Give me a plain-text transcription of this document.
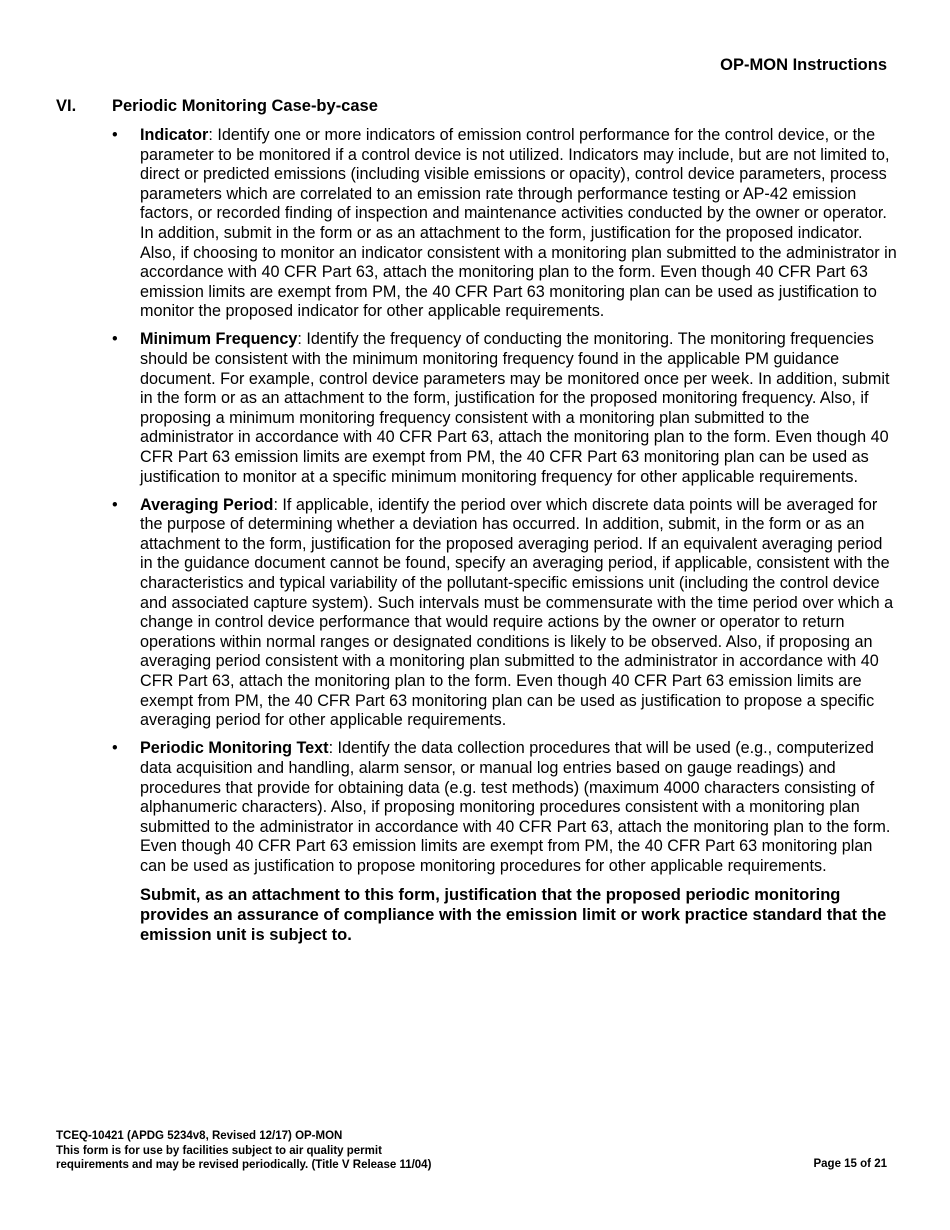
OP-MON Instructions
VI. Periodic Monitoring Case-by-case
• Indicator: Identify one or more indicators of emission control performance for the control device, or the parameter to be monitored if a control device is not utilized. Indicators may include, but are not limited to, direct or predicted emissions (including visible emissions or opacity), control device parameters, process parameters which are correlated to an emission rate through performance testing or AP-42 emission factors, or recorded finding of inspection and maintenance activities conducted by the owner or operator. In addition, submit in the form or as an attachment to the form, justification for the proposed indicator. Also, if choosing to monitor an indicator consistent with a monitoring plan submitted to the administrator in accordance with 40 CFR Part 63, attach the monitoring plan to the form. Even though 40 CFR Part 63 emission limits are exempt from PM, the 40 CFR Part 63 monitoring plan can be used as justification to monitor the proposed indicator for other applicable requirements.
• Minimum Frequency: Identify the frequency of conducting the monitoring. The monitoring frequencies should be consistent with the minimum monitoring frequency found in the applicable PM guidance document. For example, control device parameters may be monitored once per week. In addition, submit in the form or as an attachment to the form, justification for the proposed monitoring frequency. Also, if proposing a minimum monitoring frequency consistent with a monitoring plan submitted to the administrator in accordance with 40 CFR Part 63, attach the monitoring plan to the form. Even though 40 CFR Part 63 emission limits are exempt from PM, the 40 CFR Part 63 monitoring plan can be used as justification to monitor at a specific minimum monitoring frequency for other applicable requirements.
• Averaging Period: If applicable, identify the period over which discrete data points will be averaged for the purpose of determining whether a deviation has occurred. In addition, submit, in the form or as an attachment to the form, justification for the proposed averaging period. If an equivalent averaging period in the guidance document cannot be found, specify an averaging period, if applicable, consistent with the characteristics and typical variability of the pollutant-specific emissions unit (including the control device and associated capture system). Such intervals must be commensurate with the time period over which a change in control device performance that would require actions by the owner or operator to return operations within normal ranges or designated conditions is likely to be observed. Also, if proposing an averaging period consistent with a monitoring plan submitted to the administrator in accordance with 40 CFR Part 63, attach the monitoring plan to the form. Even though 40 CFR Part 63 emission limits are exempt from PM, the 40 CFR Part 63 monitoring plan can be used as justification to propose a specific averaging period for other applicable requirements.
• Periodic Monitoring Text: Identify the data collection procedures that will be used (e.g., computerized data acquisition and handling, alarm sensor, or manual log entries based on gauge readings) and procedures that provide for obtaining data (e.g. test methods) (maximum 4000 characters consisting of alphanumeric characters). Also, if proposing monitoring procedures consistent with a monitoring plan submitted to the administrator in accordance with 40 CFR Part 63, attach the monitoring plan to the form. Even though 40 CFR Part 63 emission limits are exempt from PM, the 40 CFR Part 63 monitoring plan can be used as justification to propose monitoring procedures for other applicable requirements.
Submit, as an attachment to this form, justification that the proposed periodic monitoring provides an assurance of compliance with the emission limit or work practice standard that the emission unit is subject to.
TCEQ-10421 (APDG 5234v8, Revised 12/17) OP-MON
This form is for use by facilities subject to air quality permit
requirements and may be revised periodically. (Title V Release 11/04)	Page 15 of 21
